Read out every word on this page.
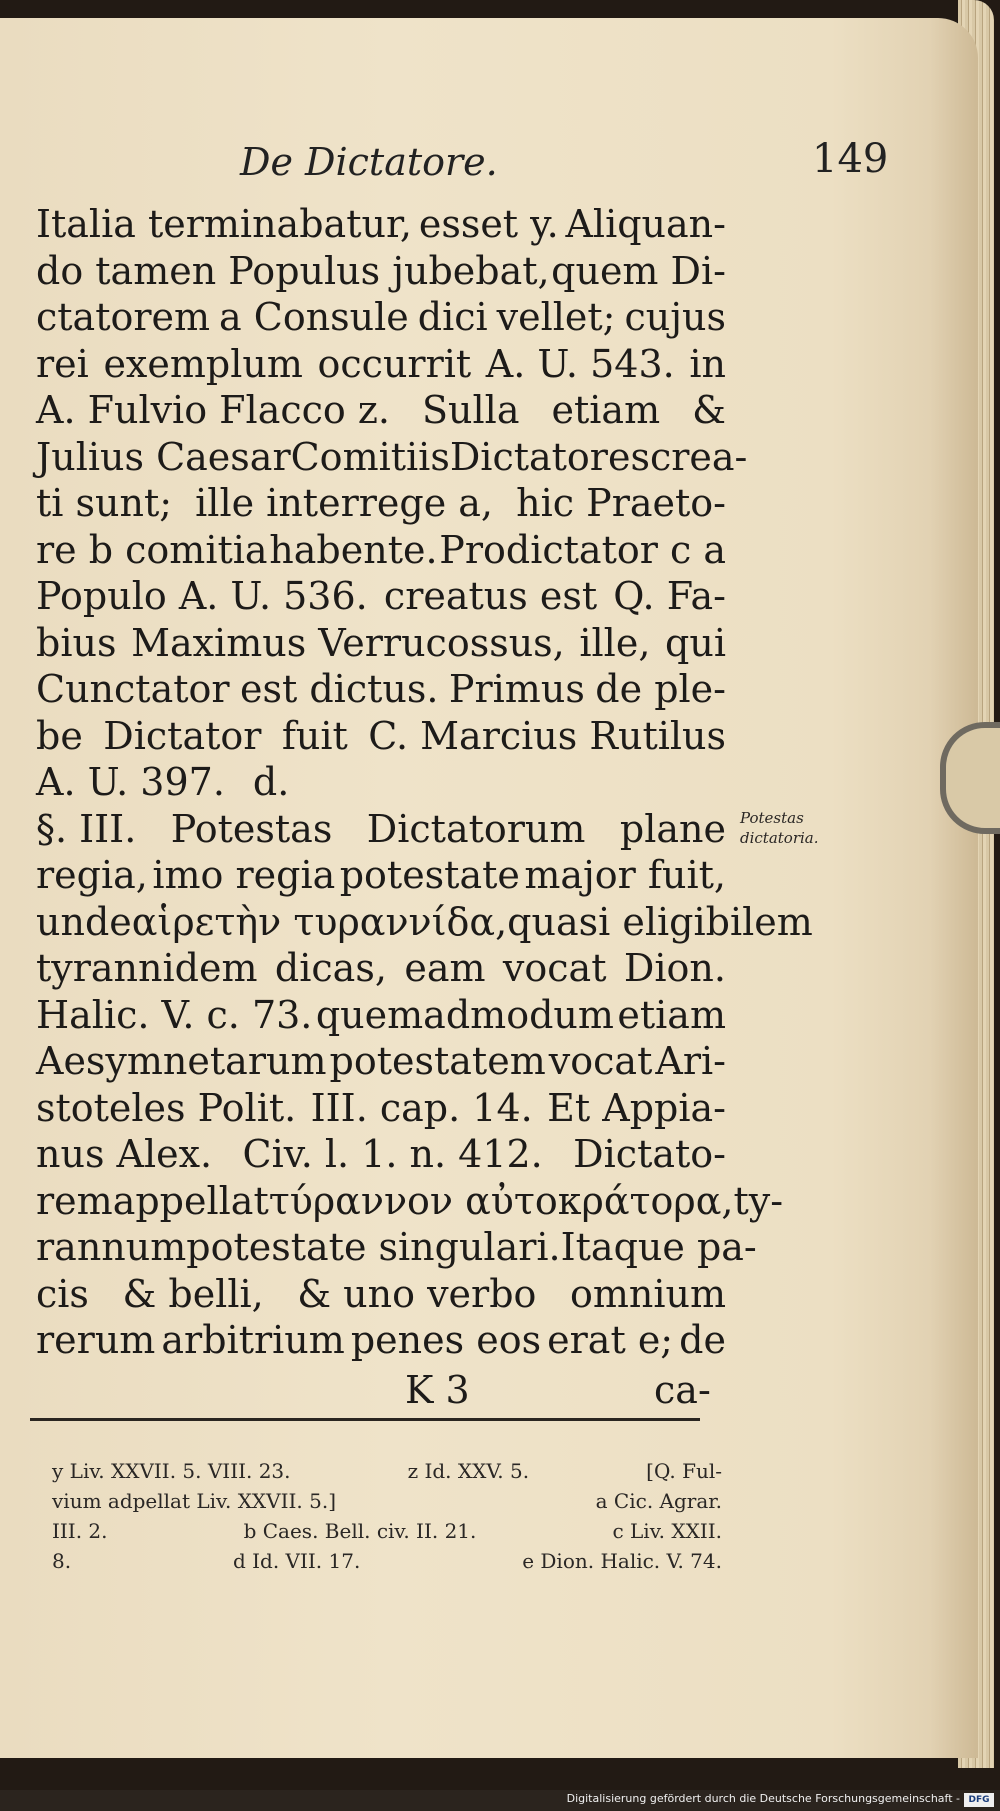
De Dictatore.	149
Italia terminabatur, esset y. Aliquan-
do tamen Populus jubebat, quem Di-
ctatorem a Consule dici vellet; cujus
rei exemplum occurrit A. U. 543. in
A. Fulvio Flacco z. Sulla etiam &
Julius Caesar Comitiis Dictatores crea-
ti sunt; ille interrege a, hic Praeto-
re b comitia habente. Prodictator c a
Populo A. U. 536. creatus est Q. Fa-
bius Maximus Verrucossus, ille, qui
Cunctator est dictus. Primus de ple-
be Dictator fuit C. Marcius Rutilus
A. U. 397. d.
§. III. Potestas Dictatorum plane
regia, imo regia potestate major fuit,
unde αἱρετὴν τυραννίδα, quasi eligibilem
tyrannidem dicas, eam vocat Dion.
Halic. V. c. 73. quemadmodum etiam
Aesymnetarum potestatem vocat Ari-
stoteles Polit. III. cap. 14. Et Appia-
nus Alex. Civ. l. 1. n. 412. Dictato-
rem appellat τύραννον αὐτοκράτορα, ty-
rannum potestate singulari. Itaque pa-
cis & belli, & uno verbo omnium
rerum arbitrium penes eos erat e; de
Potestas
dictatoria.
K 3	ca-
y Liv. XXVII. 5. VIII. 23.	z Id. XXV. 5.	[Q. Ful-
vium adpellat Liv. XXVII. 5.]	a Cic. Agrar.
III. 2.	b Caes. Bell. civ. II. 21.	c Liv. XXII.
8.	d Id. VII. 17.	e Dion. Halic. V. 74.
Digitalisierung gefördert durch die Deutsche Forschungsgemeinschaft - DFG
